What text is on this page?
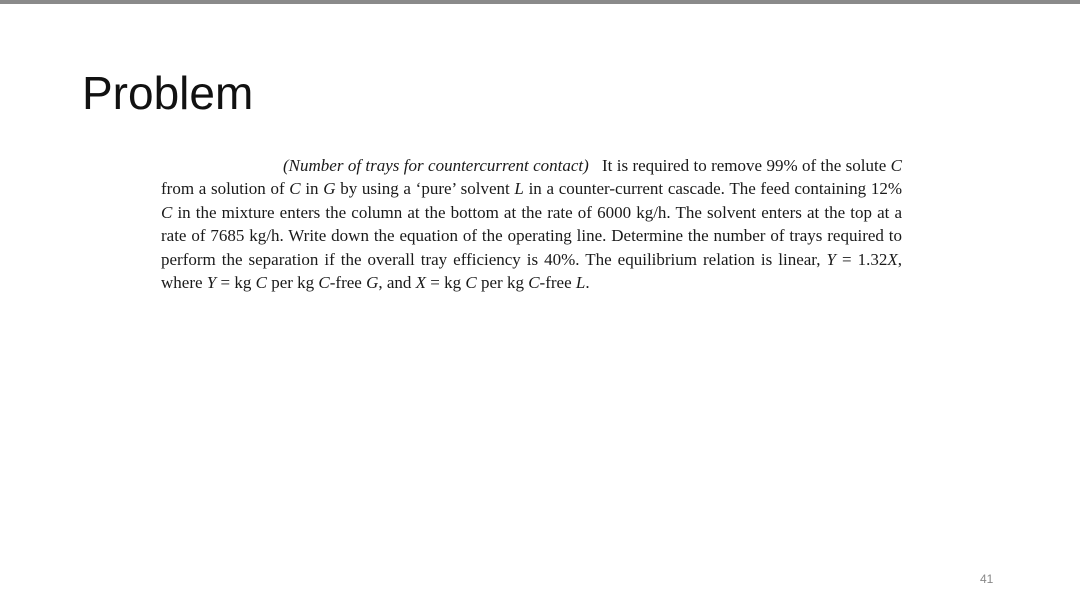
Problem

(Number of trays for countercurrent contact) It is required to remove 99% of the solute C from a solution of C in G by using a ‘pure’ solvent L in a counter-current cascade. The feed containing 12% C in the mixture enters the column at the bottom at the rate of 6000 kg/h. The solvent enters at the top at a rate of 7685 kg/h. Write down the equation of the operating line. Determine the number of trays required to perform the separation if the overall tray efficiency is 40%. The equilibrium relation is linear, Y = 1.32X, where Y = kg C per kg C-free G, and X = kg C per kg C-free L.

41
